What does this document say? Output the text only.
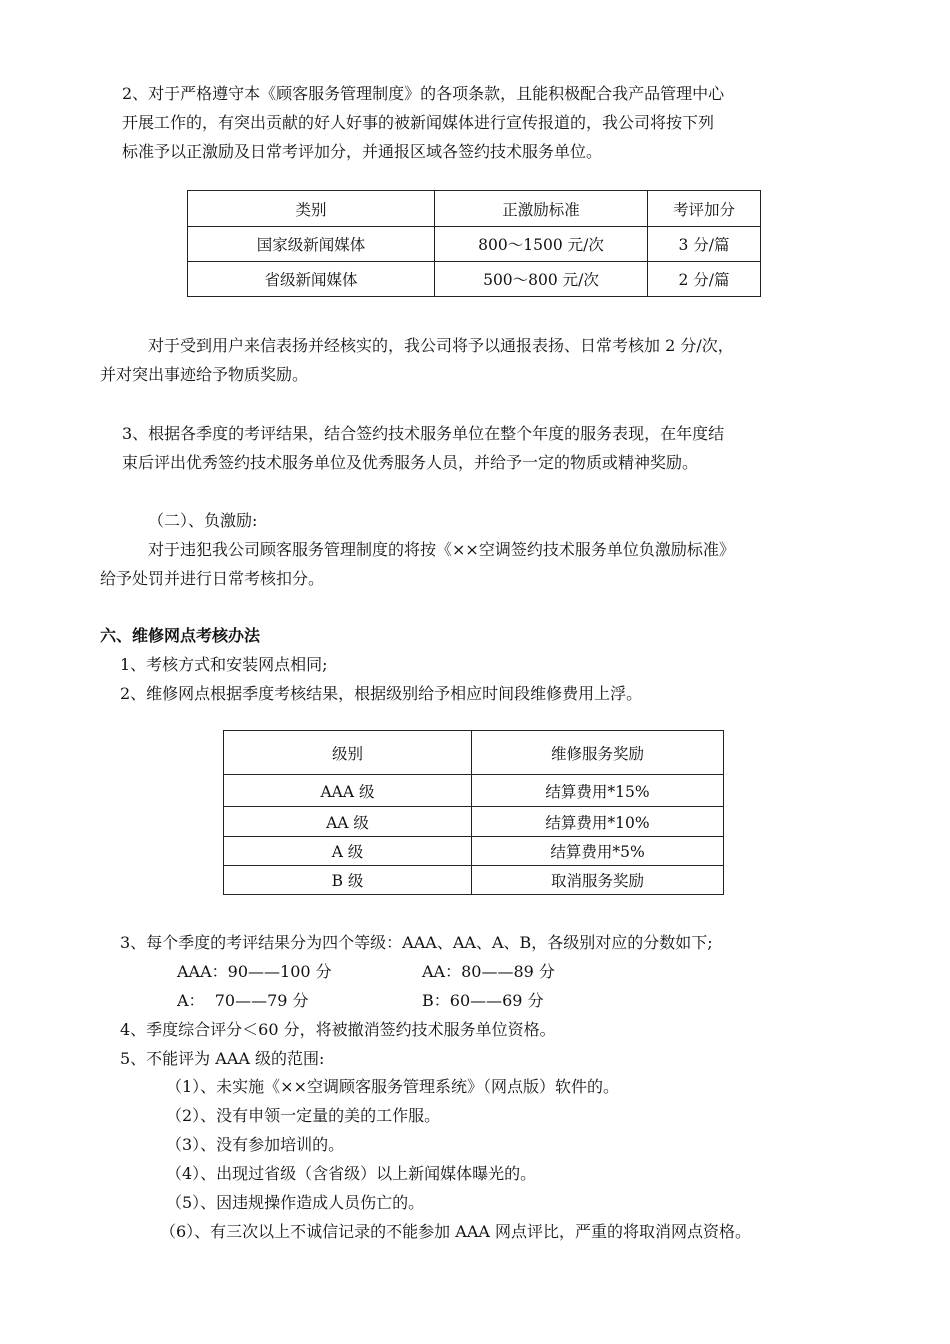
2、对于严格遵守本《顾客服务管理制度》的各项条款，且能积极配合我产品管理中心
开展工作的，有突出贡献的好人好事的被新闻媒体进行宣传报道的，我公司将按下列
标准予以正激励及日常考评加分，并通报区域各签约技术服务单位。
类别	正激励标准	考评加分
国家级新闻媒体	800～1500 元/次	3 分/篇
省级新闻媒体	500～800 元/次	2 分/篇
对于受到用户来信表扬并经核实的，我公司将予以通报表扬、日常考核加 2 分/次，
并对突出事迹给予物质奖励。
3、根据各季度的考评结果，结合签约技术服务单位在整个年度的服务表现，在年度结
束后评出优秀签约技术服务单位及优秀服务人员，并给予一定的物质或精神奖励。
（二）、负激励:
对于违犯我公司顾客服务管理制度的将按《××空调签约技术服务单位负激励标准》
给予处罚并进行日常考核扣分。
六、维修网点考核办法
1、考核方式和安装网点相同;
2、维修网点根据季度考核结果，根据级别给予相应时间段维修费用上浮。
级别	维修服务奖励
AAA 级	结算费用*15%
AA 级	结算费用*10%
A 级	结算费用*5%
B 级	取消服务奖励
3、每个季度的考评结果分为四个等级：AAA、AA、A、B，各级别对应的分数如下;
AAA：90——100 分	AA：80——89 分
A：  70——79 分	B：60——69 分
4、季度综合评分＜60 分，将被撤消签约技术服务单位资格。
5、不能评为 AAA 级的范围:
（1）、未实施《××空调顾客服务管理系统》（网点版）软件的。
（2）、没有申领一定量的美的工作服。
（3）、没有参加培训的。
（4）、出现过省级（含省级）以上新闻媒体曝光的。
（5）、因违规操作造成人员伤亡的。
（6）、有三次以上不诚信记录的不能参加 AAA 网点评比，严重的将取消网点资格。
